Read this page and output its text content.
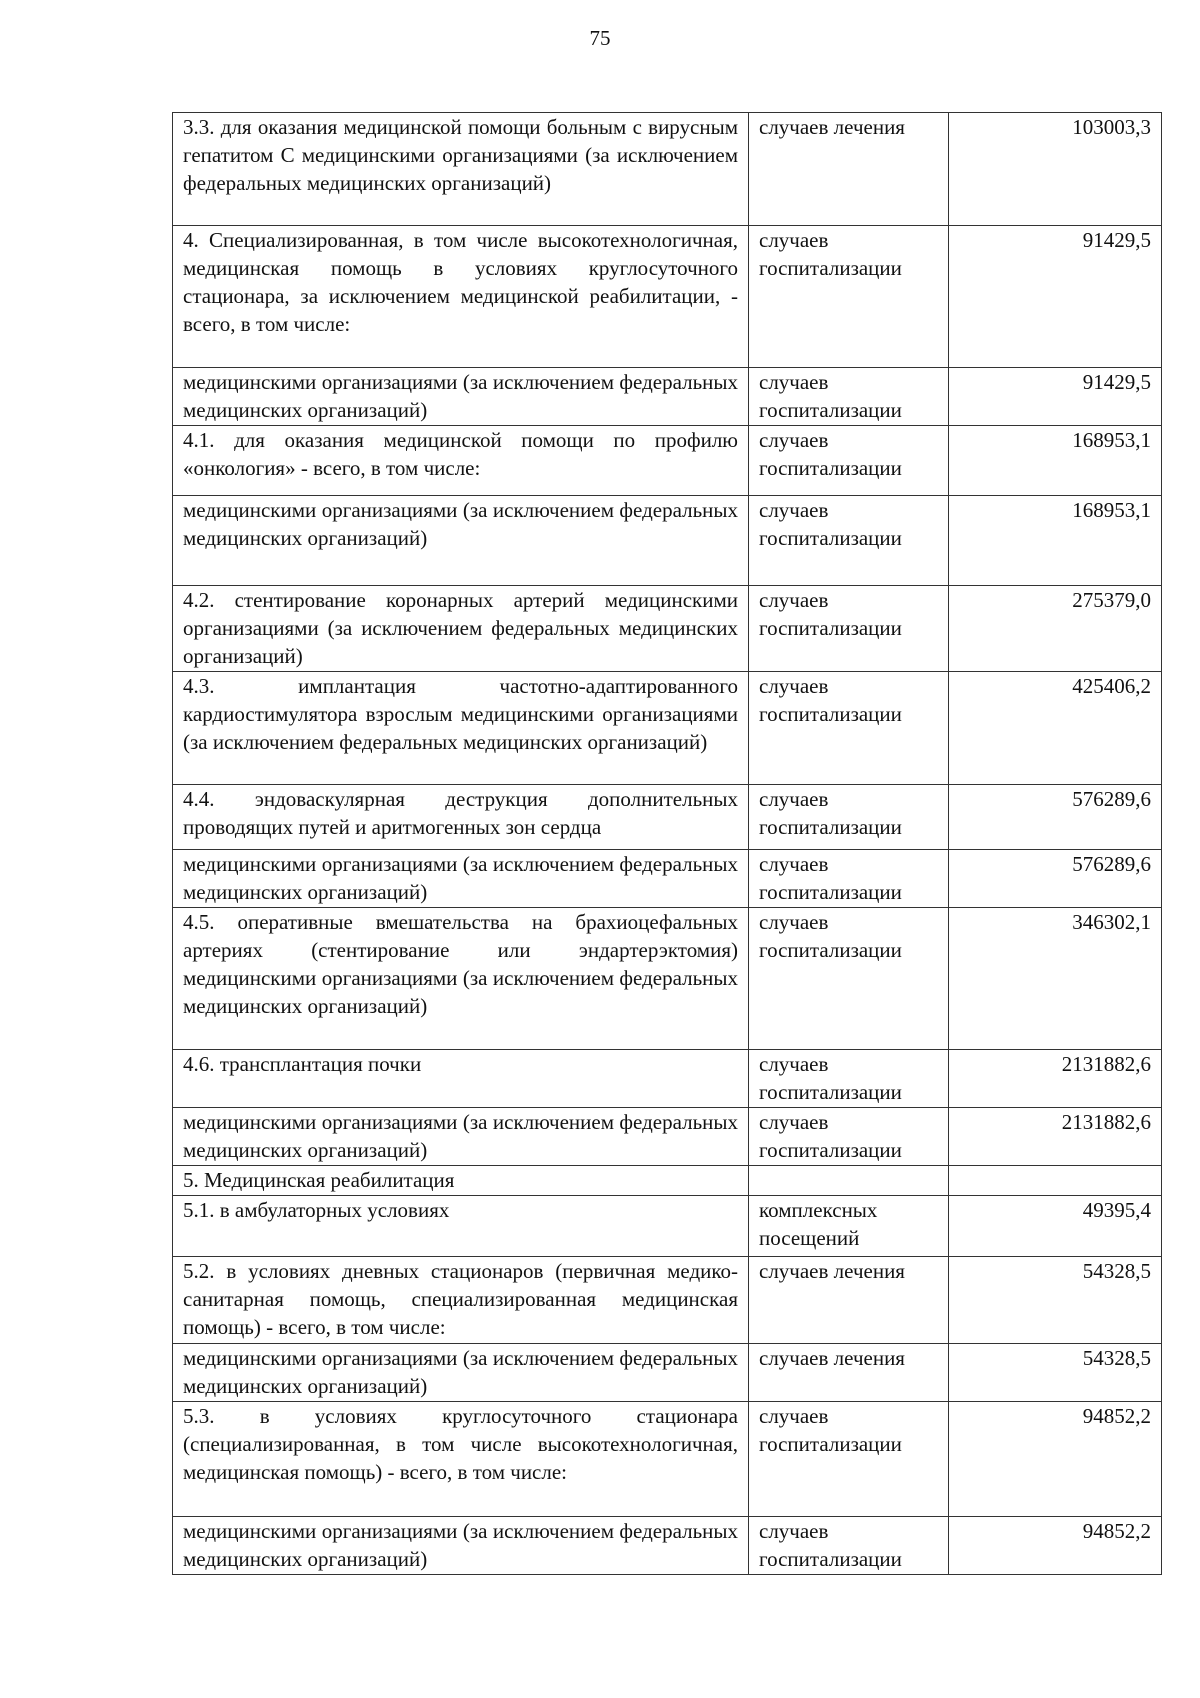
75
3.3. для оказания медицинской помощи больным с вирусным гепатитом С медицинскими организациями (за исключением федеральных медицинских организаций)	случаев лечения	103003,3
4. Специализированная, в том числе высокотехнологичная, медицинская помощь в условиях круглосуточного стационара, за исключением медицинской реабилитации, - всего, в том числе:	случаев госпитализации	91429,5
медицинскими организациями (за исключением федеральных медицинских организаций)	случаев госпитализации	91429,5
4.1. для оказания медицинской помощи по профилю «онкология» - всего, в том числе:	случаев госпитализации	168953,1
медицинскими организациями (за исключением федеральных медицинских организаций)	случаев госпитализации	168953,1
4.2. стентирование коронарных артерий медицинскими организациями (за исключением федеральных медицинских организаций)	случаев госпитализации	275379,0
4.3. имплантация частотно-адаптированного кардиостимулятора взрослым медицинскими организациями (за исключением федеральных медицинских организаций)	случаев госпитализации	425406,2
4.4. эндоваскулярная деструкция дополнительных проводящих путей и аритмогенных зон сердца	случаев госпитализации	576289,6
медицинскими организациями (за исключением федеральных медицинских организаций)	случаев госпитализации	576289,6
4.5. оперативные вмешательства на брахиоцефальных артериях (стентирование или эндартерэктомия) медицинскими организациями (за исключением федеральных медицинских организаций)	случаев госпитализации	346302,1
4.6. трансплантация почки	случаев госпитализации	2131882,6
медицинскими организациями (за исключением федеральных медицинских организаций)	случаев госпитализации	2131882,6
5. Медицинская реабилитация		
5.1. в амбулаторных условиях	комплексных посещений	49395,4
5.2. в условиях дневных стационаров (первичная медико-санитарная помощь, специализированная медицинская помощь) - всего, в том числе:	случаев лечения	54328,5
медицинскими организациями (за исключением федеральных медицинских организаций)	случаев лечения	54328,5
5.3. в условиях круглосуточного стационара (специализированная, в том числе высокотехнологичная, медицинская помощь) - всего, в том числе:	случаев госпитализации	94852,2
медицинскими организациями (за исключением федеральных медицинских организаций)	случаев госпитализации	94852,2
